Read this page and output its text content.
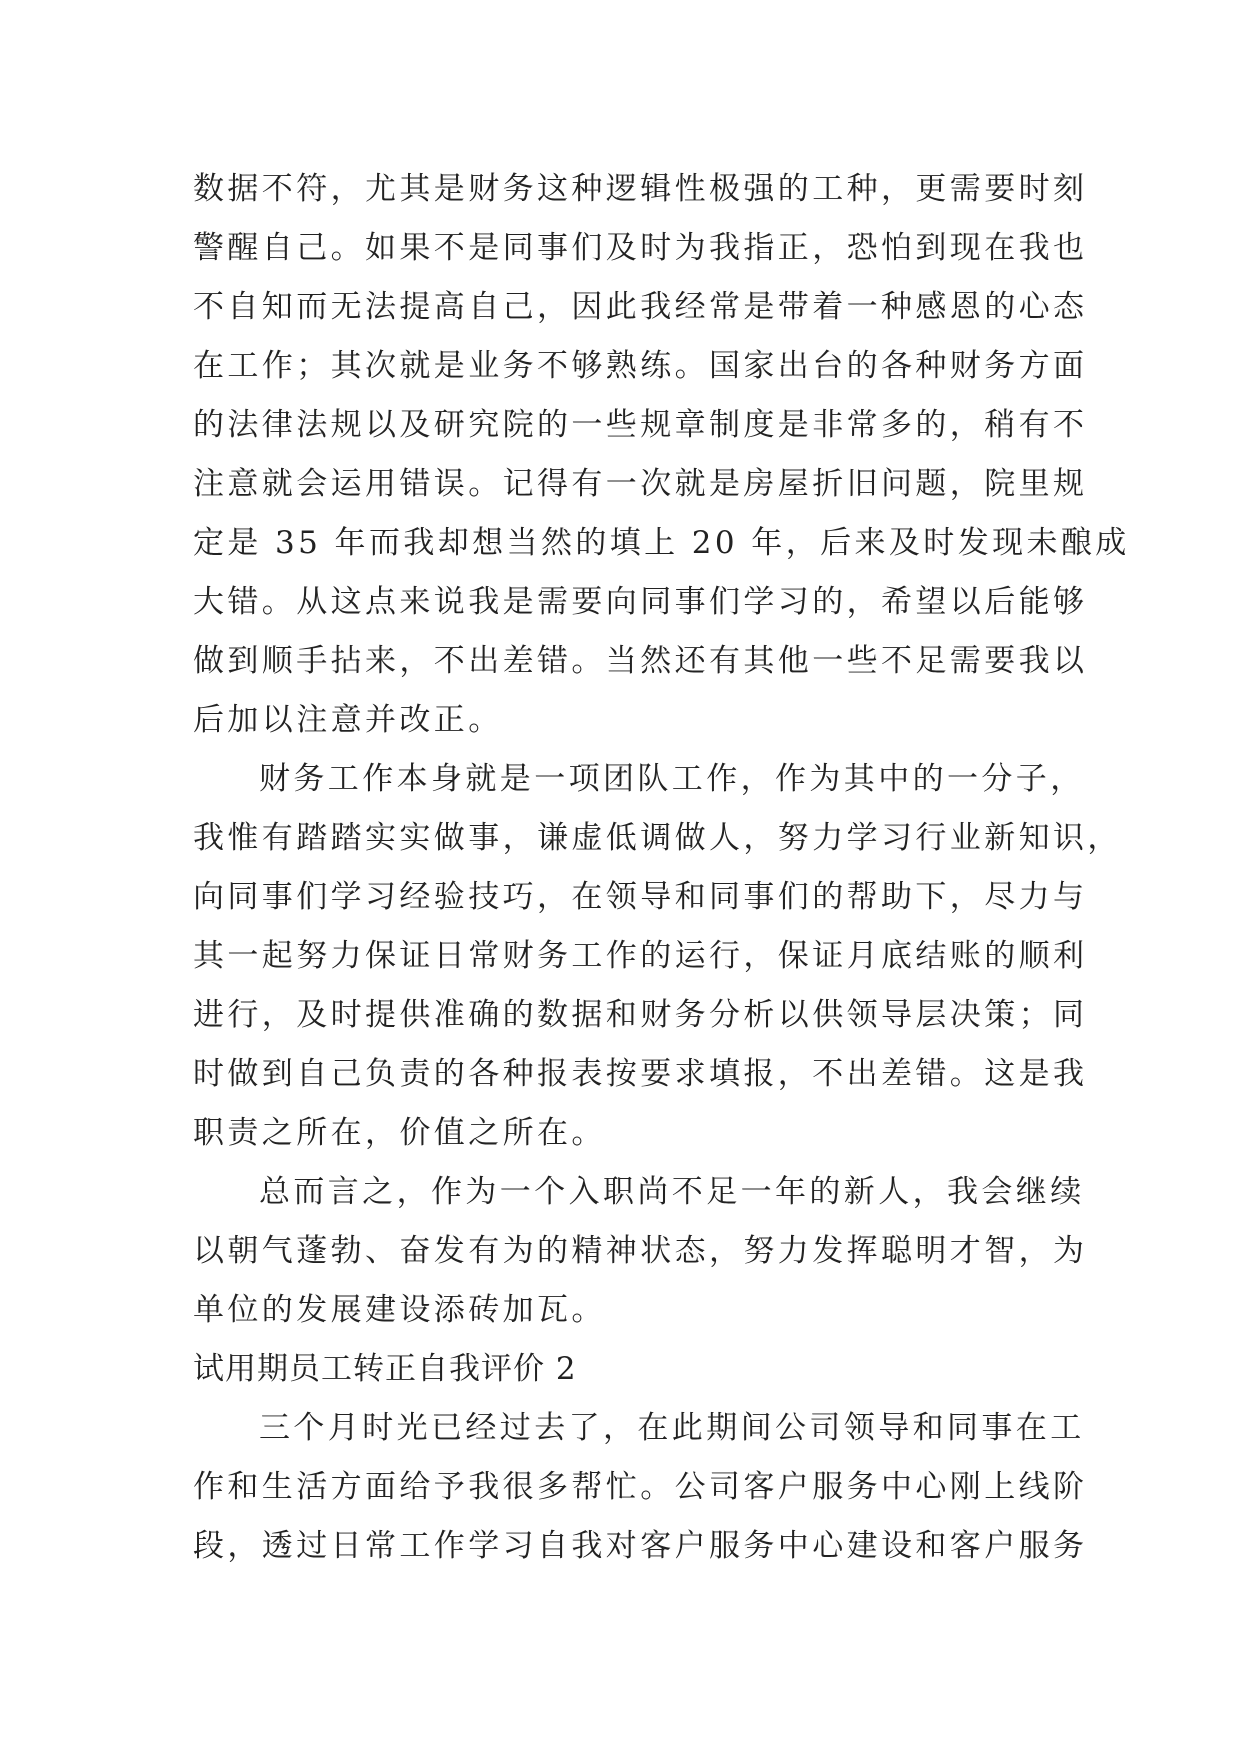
数据不符，尤其是财务这种逻辑性极强的工种，更需要时刻
警醒自己。如果不是同事们及时为我指正，恐怕到现在我也
不自知而无法提高自己，因此我经常是带着一种感恩的心态
在工作；其次就是业务不够熟练。国家出台的各种财务方面
的法律法规以及研究院的一些规章制度是非常多的，稍有不
注意就会运用错误。记得有一次就是房屋折旧问题，院里规
定是 35 年而我却想当然的填上 20 年，后来及时发现未酿成
大错。从这点来说我是需要向同事们学习的，希望以后能够
做到顺手拈来，不出差错。当然还有其他一些不足需要我以
后加以注意并改正。
财务工作本身就是一项团队工作，作为其中的一分子，
我惟有踏踏实实做事，谦虚低调做人，努力学习行业新知识，
向同事们学习经验技巧，在领导和同事们的帮助下，尽力与
其一起努力保证日常财务工作的运行，保证月底结账的顺利
进行，及时提供准确的数据和财务分析以供领导层决策；同
时做到自己负责的各种报表按要求填报，不出差错。这是我
职责之所在，价值之所在。
总而言之，作为一个入职尚不足一年的新人，我会继续
以朝气蓬勃、奋发有为的精神状态，努力发挥聪明才智，为
单位的发展建设添砖加瓦。
试用期员工转正自我评价 2
三个月时光已经过去了，在此期间公司领导和同事在工
作和生活方面给予我很多帮忙。公司客户服务中心刚上线阶
段，透过日常工作学习自我对客户服务中心建设和客户服务
